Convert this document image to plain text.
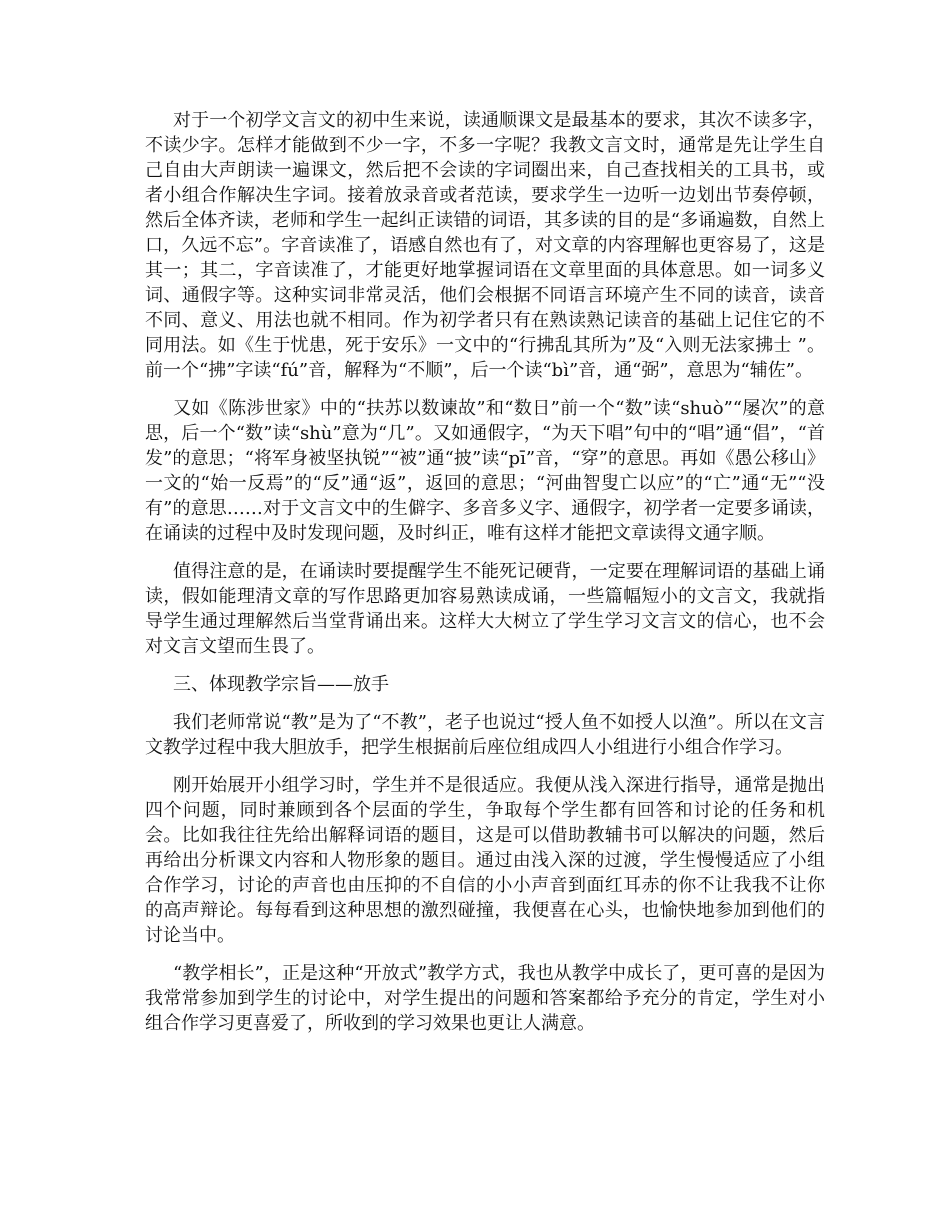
对于一个初学文言文的初中生来说，读通顺课文是最基本的要求，其次不读多字，不读少字。怎样才能做到不少一字，不多一字呢？我教文言文时，通常是先让学生自己自由大声朗读一遍课文，然后把不会读的字词圈出来，自己查找相关的工具书，或者小组合作解决生字词。接着放录音或者范读，要求学生一边听一边划出节奏停顿，然后全体齐读，老师和学生一起纠正读错的词语，其多读的目的是“多诵遍数，自然上口，久远不忘”。字音读准了，语感自然也有了，对文章的内容理解也更容易了，这是其一；其二，字音读准了，才能更好地掌握词语在文章里面的具体意思。如一词多义词、通假字等。这种实词非常灵活，他们会根据不同语言环境产生不同的读音，读音不同、意义、用法也就不相同。作为初学者只有在熟读熟记读音的基础上记住它的不同用法。如《生于忧患，死于安乐》一文中的“行拂乱其所为”及“入则无法家拂士 ”。前一个“拂”字读“fú”音，解释为“不顺”，后一个读“bì”音，通“弼”，意思为“辅佐”。

又如《陈涉世家》中的“扶苏以数谏故”和“数日”前一个“数”读“shuò”“屡次”的意思，后一个“数”读“shù”意为“几”。又如通假字，“为天下唱”句中的“唱”通“倡”，“首发”的意思；“将军身被坚执锐”“被”通“披”读“pī”音，“穿”的意思。再如《愚公移山》一文的“始一反焉”的“反”通“返”，返回的意思；“河曲智叟亡以应”的“亡”通“无”“没有”的意思……对于文言文中的生僻字、多音多义字、通假字，初学者一定要多诵读，在诵读的过程中及时发现问题，及时纠正，唯有这样才能把文章读得文通字顺。

值得注意的是，在诵读时要提醒学生不能死记硬背，一定要在理解词语的基础上诵读，假如能理清文章的写作思路更加容易熟读成诵，一些篇幅短小的文言文，我就指导学生通过理解然后当堂背诵出来。这样大大树立了学生学习文言文的信心，也不会对文言文望而生畏了。

三、体现教学宗旨——放手

我们老师常说“教”是为了“不教”，老子也说过“授人鱼不如授人以渔”。所以在文言文教学过程中我大胆放手，把学生根据前后座位组成四人小组进行小组合作学习。

刚开始展开小组学习时，学生并不是很适应。我便从浅入深进行指导，通常是抛出四个问题，同时兼顾到各个层面的学生，争取每个学生都有回答和讨论的任务和机会。比如我往往先给出解释词语的题目，这是可以借助教辅书可以解决的问题，然后再给出分析课文内容和人物形象的题目。通过由浅入深的过渡，学生慢慢适应了小组合作学习，讨论的声音也由压抑的不自信的小小声音到面红耳赤的你不让我我不让你的高声辩论。每每看到这种思想的激烈碰撞，我便喜在心头，也愉快地参加到他们的讨论当中。

“教学相长”，正是这种“开放式”教学方式，我也从教学中成长了，更可喜的是因为我常常参加到学生的讨论中，对学生提出的问题和答案都给予充分的肯定，学生对小组合作学习更喜爱了，所收到的学习效果也更让人满意。
